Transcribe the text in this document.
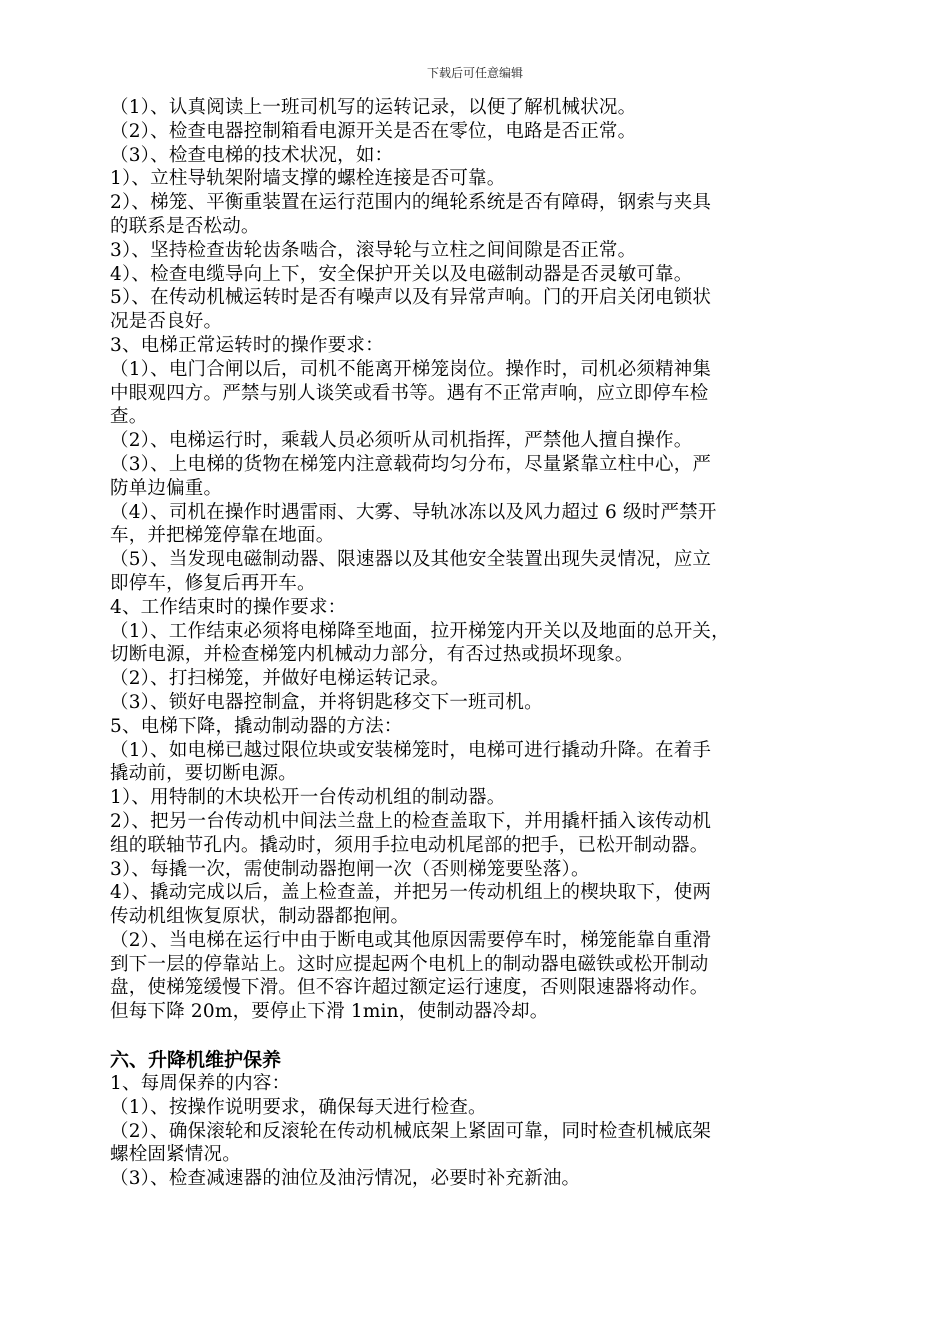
下载后可任意编辑
（1）、认真阅读上一班司机写的运转记录，以便了解机械状况。
（2）、检查电器控制箱看电源开关是否在零位，电路是否正常。
（3）、检查电梯的技术状况，如：
1）、立柱导轨架附墙支撑的螺栓连接是否可靠。
2）、梯笼、平衡重装置在运行范围内的绳轮系统是否有障碍，钢索与夹具
的联系是否松动。
3）、坚持检查齿轮齿条啮合，滚导轮与立柱之间间隙是否正常。
4）、检查电缆导向上下，安全保护开关以及电磁制动器是否灵敏可靠。
5）、在传动机械运转时是否有噪声以及有异常声响。门的开启关闭电锁状
况是否良好。
3、电梯正常运转时的操作要求：
（1）、电门合闸以后，司机不能离开梯笼岗位。操作时，司机必须精神集
中眼观四方。严禁与别人谈笑或看书等。遇有不正常声响，应立即停车检
查。
（2）、电梯运行时，乘载人员必须听从司机指挥，严禁他人擅自操作。
（3）、上电梯的货物在梯笼内注意载荷均匀分布，尽量紧靠立柱中心，严
防单边偏重。
（4）、司机在操作时遇雷雨、大雾、导轨冰冻以及风力超过 6 级时严禁开
车，并把梯笼停靠在地面。
（5）、当发现电磁制动器、限速器以及其他安全装置出现失灵情况，应立
即停车，修复后再开车。
4、工作结束时的操作要求：
（1）、工作结束必须将电梯降至地面，拉开梯笼内开关以及地面的总开关，
切断电源，并检查梯笼内机械动力部分，有否过热或损坏现象。
（2）、打扫梯笼，并做好电梯运转记录。
（3）、锁好电器控制盒，并将钥匙移交下一班司机。
5、电梯下降，撬动制动器的方法：
（1）、如电梯已越过限位块或安装梯笼时，电梯可进行撬动升降。在着手
撬动前，要切断电源。
1）、用特制的木块松开一台传动机组的制动器。
2）、把另一台传动机中间法兰盘上的检查盖取下，并用撬杆插入该传动机
组的联轴节孔内。撬动时，须用手拉电动机尾部的把手，已松开制动器。
3）、每撬一次，需使制动器抱闸一次（否则梯笼要坠落）。
4）、撬动完成以后，盖上检查盖，并把另一传动机组上的楔块取下，使两
传动机组恢复原状，制动器都抱闸。
（2）、当电梯在运行中由于断电或其他原因需要停车时，梯笼能靠自重滑
到下一层的停靠站上。这时应提起两个电机上的制动器电磁铁或松开制动
盘，使梯笼缓慢下滑。但不容许超过额定运行速度，否则限速器将动作。
但每下降 20m，要停止下滑 1min，使制动器冷却。
六、升降机维护保养
1、每周保养的内容：
（1）、按操作说明要求，确保每天进行检查。
（2）、确保滚轮和反滚轮在传动机械底架上紧固可靠，同时检查机械底架
螺栓固紧情况。
（3）、检查减速器的油位及油污情况，必要时补充新油。
